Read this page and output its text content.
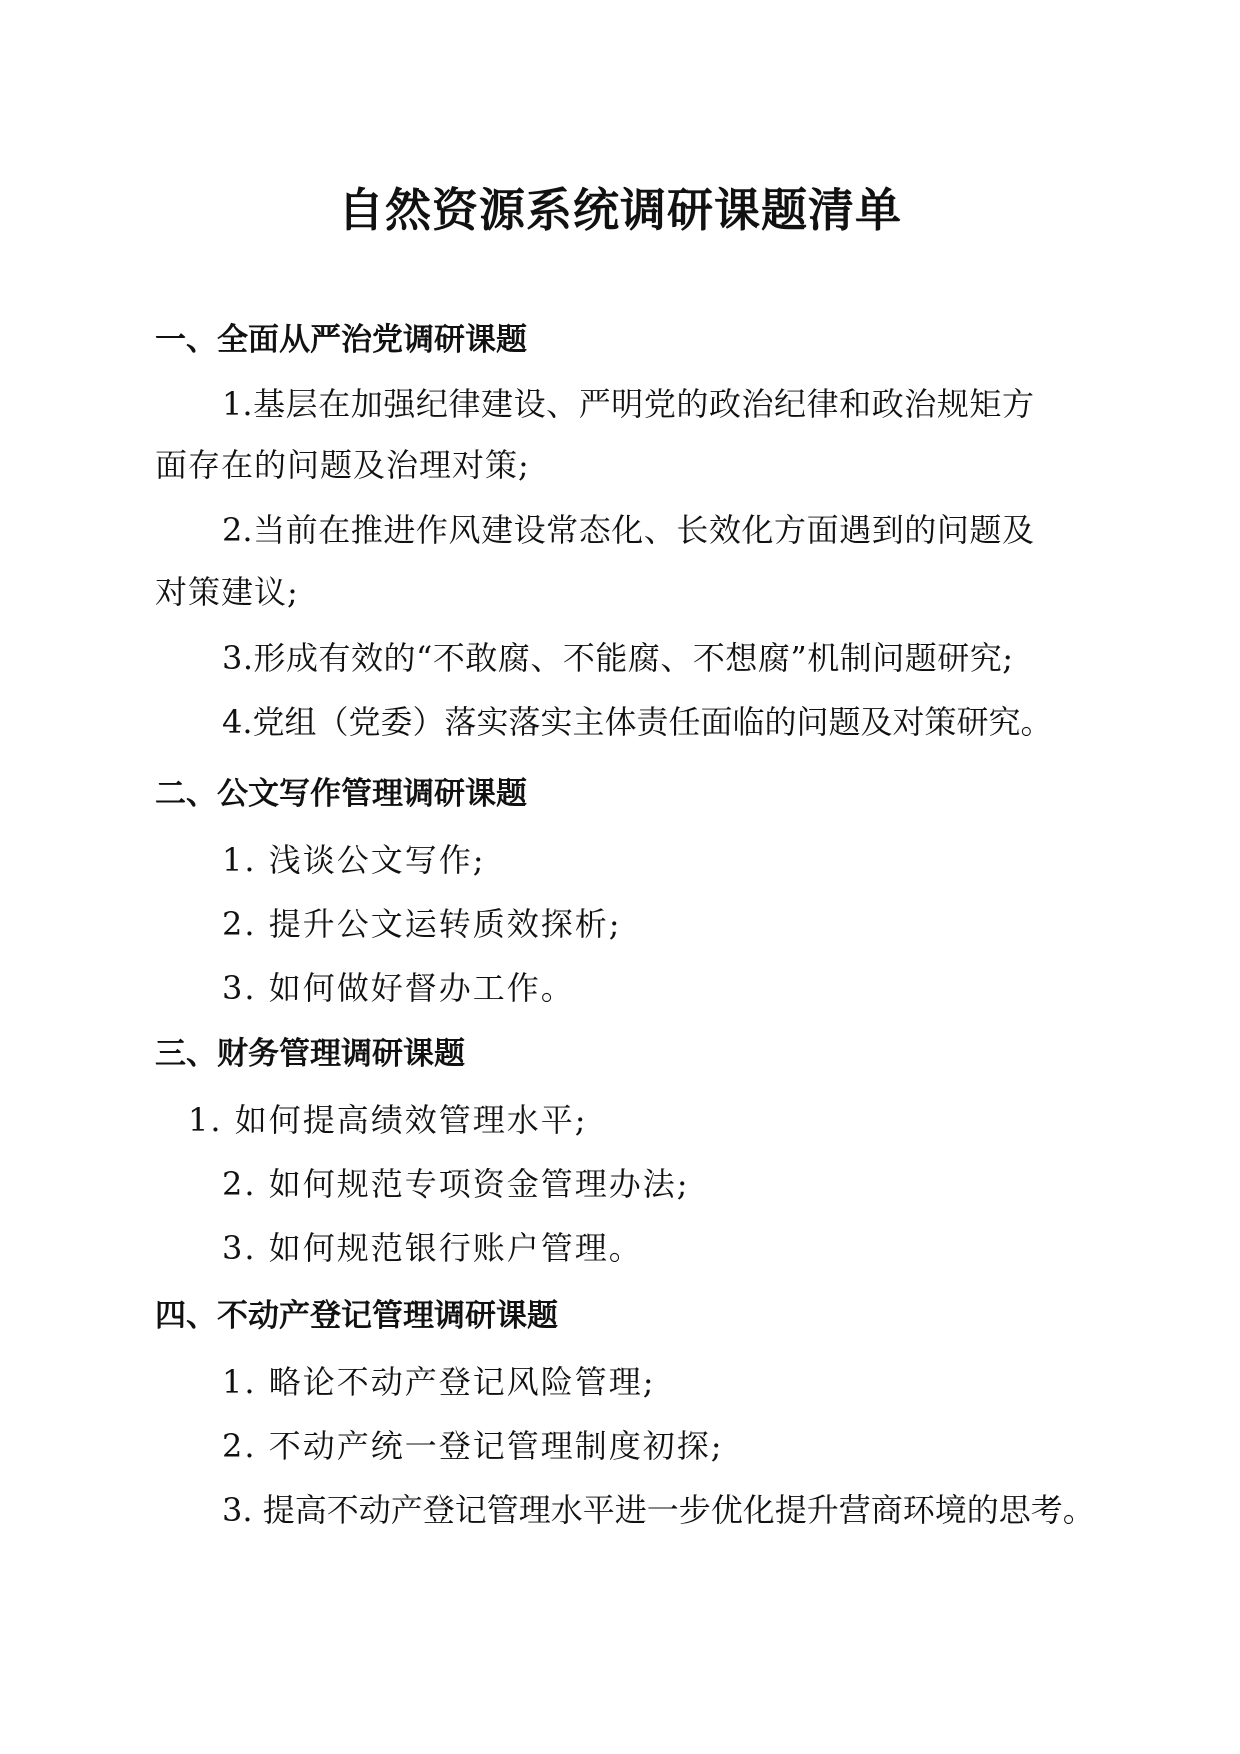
自然资源系统调研课题清单

一、全面从严治党调研课题

1.基层在加强纪律建设、严明党的政治纪律和政治规矩方

面存在的问题及治理对策;

2.当前在推进作风建设常态化、长效化方面遇到的问题及

对策建议;

3.形成有效的“不敢腐、不能腐、不想腐”机制问题研究;

4.党组（党委）落实落实主体责任面临的问题及对策研究。

二、公文写作管理调研课题

1. 浅谈公文写作;

2. 提升公文运转质效探析;

3. 如何做好督办工作。

三、财务管理调研课题

1. 如何提高绩效管理水平;

2. 如何规范专项资金管理办法;

3. 如何规范银行账户管理。

四、不动产登记管理调研课题

1. 略论不动产登记风险管理;

2. 不动产统一登记管理制度初探;

3. 提高不动产登记管理水平进一步优化提升营商环境的思考。
